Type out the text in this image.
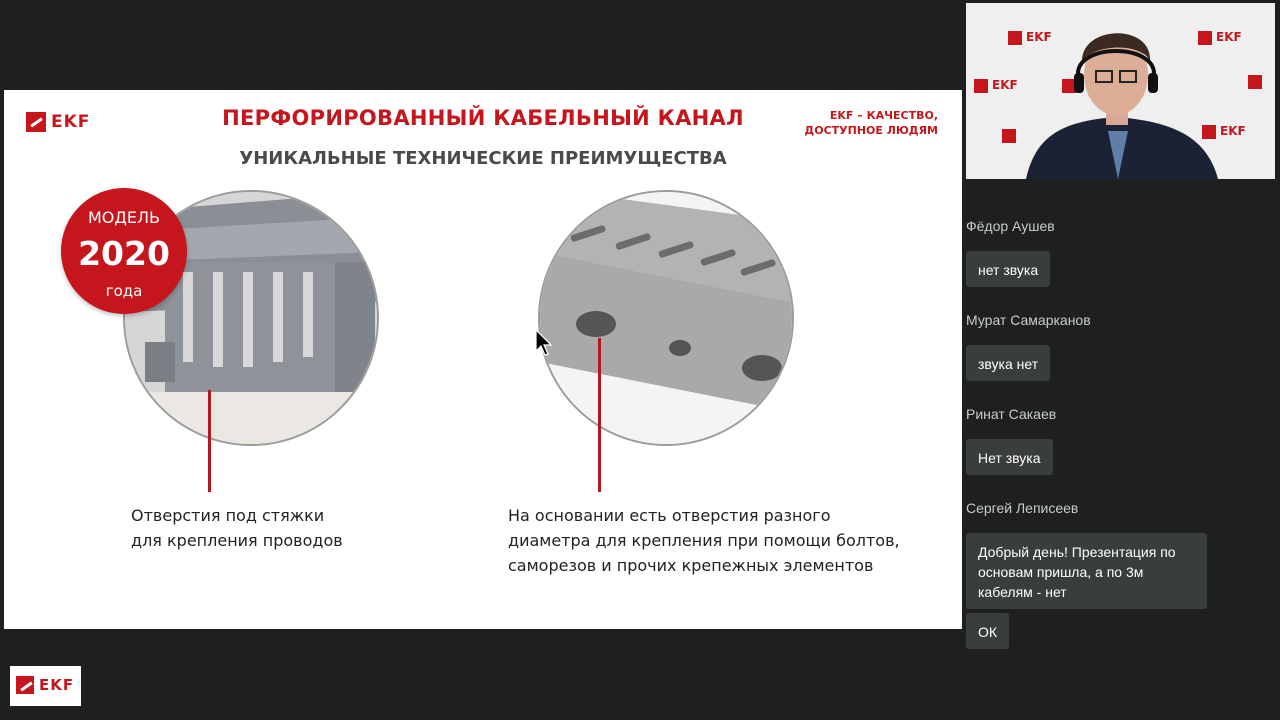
EKF	ПЕРФОРИРОВАННЫЙ КАБЕЛЬНЫЙ КАНАЛ
УНИКАЛЬНЫЕ ТЕХНИЧЕСКИЕ ПРЕИМУЩЕСТВА
EKF – КАЧЕСТВО,
ДОСТУПНОЕ ЛЮДЯМ
МОДЕЛЬ
2020
года
Отверстия под стяжки
для крепления проводов
На основании есть отверстия разного
диаметра для крепления при помощи болтов,
саморезов и прочих крепежных элементов
EKF	EKF
EKF
EKF
Фёдор Аушев
нет звука
Мурат Самарканов
звука нет
Ринат Сакаев
Нет звука
Сергей Леписеев
Добрый день! Презентация по основам пришла, а по 3м кабелям - нет
ОК
EKF
